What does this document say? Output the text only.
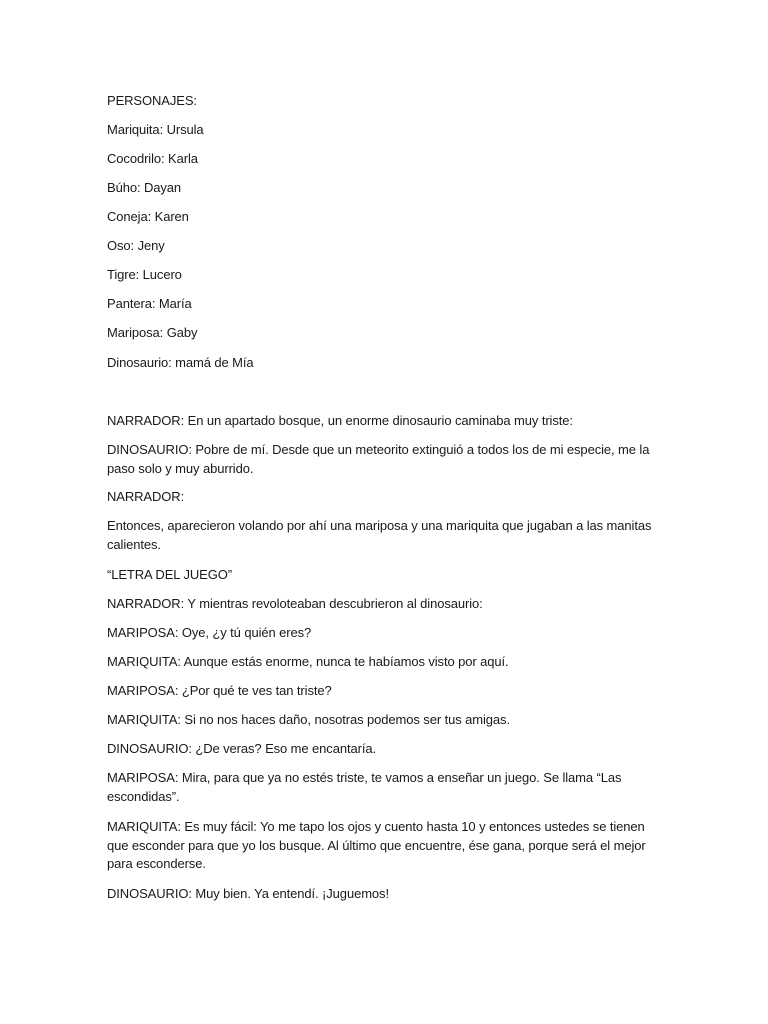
PERSONAJES:
Mariquita: Ursula
Cocodrilo: Karla
Búho: Dayan
Coneja: Karen
Oso: Jeny
Tigre: Lucero
Pantera: María
Mariposa: Gaby
Dinosaurio: mamá de Mía
NARRADOR: En un apartado bosque, un enorme dinosaurio caminaba muy triste:
DINOSAURIO: Pobre de mí. Desde que un meteorito extinguió a todos los de mi especie, me la paso solo y muy aburrido.
NARRADOR:
Entonces, aparecieron volando por ahí una mariposa y una mariquita que jugaban a las manitas calientes.
“LETRA DEL JUEGO”
NARRADOR: Y mientras revoloteaban descubrieron al dinosaurio:
MARIPOSA: Oye, ¿y tú quién eres?
MARIQUITA: Aunque estás enorme, nunca te habíamos visto por aquí.
MARIPOSA: ¿Por qué te ves tan triste?
MARIQUITA: Si no nos haces daño, nosotras podemos ser tus amigas.
DINOSAURIO: ¿De veras? Eso me encantaría.
MARIPOSA: Mira, para que ya no estés triste, te vamos a enseñar un juego. Se llama “Las escondidas”.
MARIQUITA: Es muy fácil: Yo me tapo los ojos y cuento hasta 10 y entonces ustedes se tienen que esconder para que yo los busque. Al último que encuentre, ése gana, porque será el mejor para esconderse.
DINOSAURIO: Muy bien. Ya entendí. ¡Juguemos!
